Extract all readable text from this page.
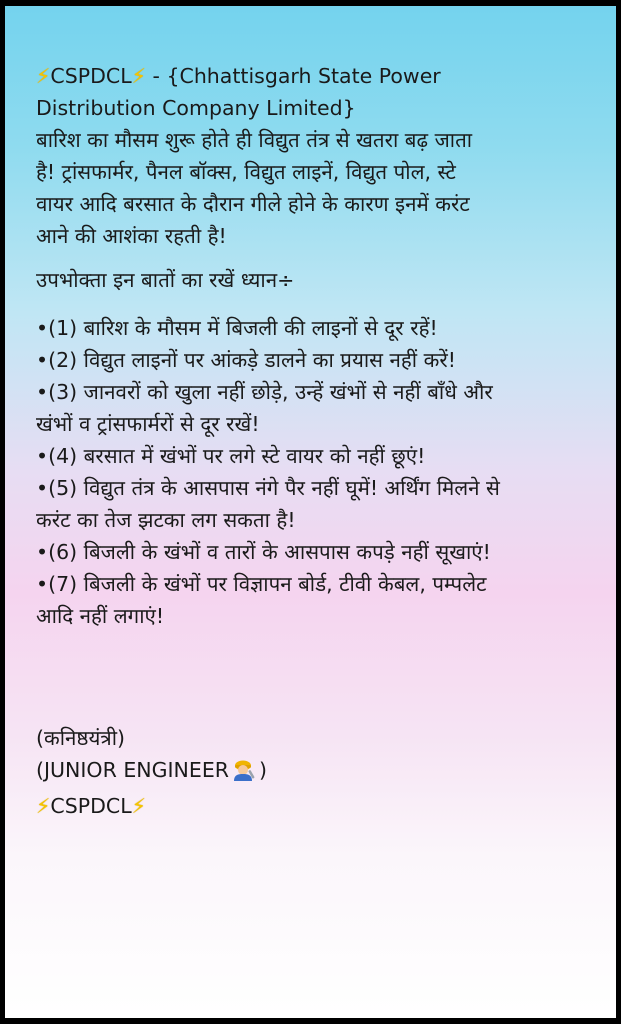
⚡CSPDCL⚡ - {Chhattisgarh State Power
Distribution Company Limited}
बारिश का मौसम शुरू होते ही विद्युत तंत्र से खतरा बढ़ जाता
है! ट्रांसफार्मर, पैनल बॉक्स, विद्युत लाइनें, विद्युत पोल, स्टे
वायर आदि बरसात के दौरान गीले होने के कारण इनमें करंट
आने की आशंका रहती है!
उपभोक्ता इन बातों का रखें ध्यान÷
•(1) बारिश के मौसम में बिजली की लाइनों से दूर रहें!
•(2) विद्युत लाइनों पर आंकड़े डालने का प्रयास नहीं करें!
•(3) जानवरों को खुला नहीं छोड़े, उन्हें खंभों से नहीं बाँधे और
खंभों व ट्रांसफार्मरों से दूर रखें!
•(4) बरसात में खंभों पर लगे स्टे वायर को नहीं छूएं!
•(5) विद्युत तंत्र के आसपास नंगे पैर नहीं घूमें! अर्थिंग मिलने से
करंट का तेज झटका लग सकता है!
•(6) बिजली के खंभों व तारों के आसपास कपड़े नहीं सूखाएं!
•(7) बिजली के खंभों पर विज्ञापन बोर्ड, टीवी केबल, पम्पलेट
आदि नहीं लगाएं!
(कनिष्ठयंत्री)
(JUNIOR ENGINEER )
⚡CSPDCL⚡
